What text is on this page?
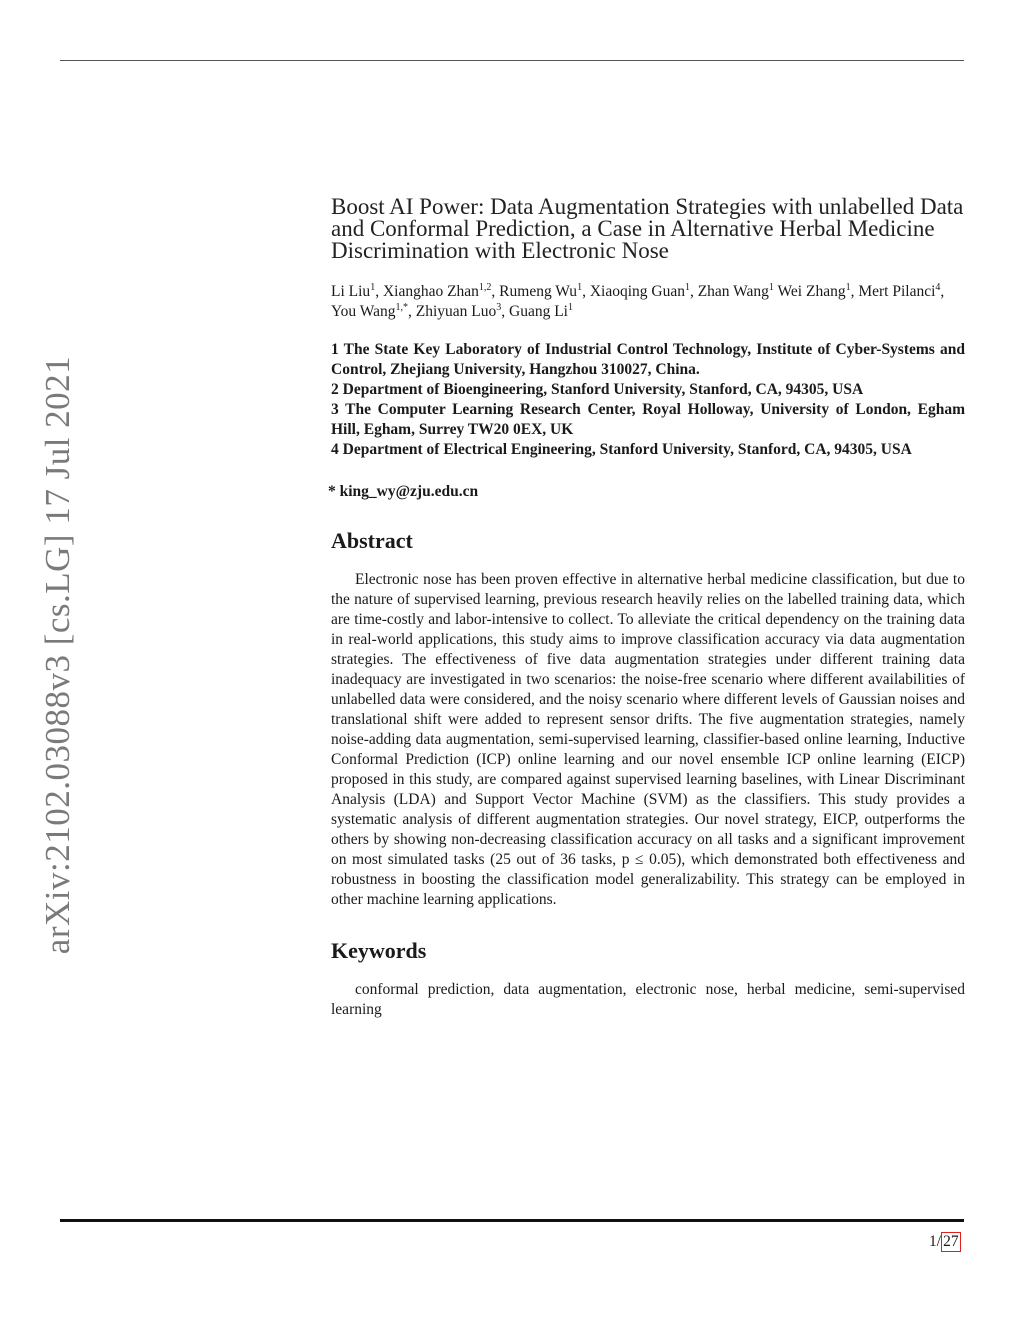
arXiv:2102.03088v3 [cs.LG] 17 Jul 2021
Boost AI Power: Data Augmentation Strategies with unlabelled Data and Conformal Prediction, a Case in Alternative Herbal Medicine Discrimination with Electronic Nose
Li Liu$^1$, Xianghao Zhan$^{1,2}$, Rumeng Wu$^1$, Xiaoqing Guan$^1$, Zhan Wang$^1$ Wei Zhang$^1$, Mert Pilanci$^4$, You Wang$^{1,*}$, Zhiyuan Luo$^3$, Guang Li$^1$
1 The State Key Laboratory of Industrial Control Technology, Institute of Cyber-Systems and Control, Zhejiang University, Hangzhou 310027, China.
2 Department of Bioengineering, Stanford University, Stanford, CA, 94305, USA
3 The Computer Learning Research Center, Royal Holloway, University of London, Egham Hill, Egham, Surrey TW20 0EX, UK
4 Department of Electrical Engineering, Stanford University, Stanford, CA, 94305, USA
* king_wy@zju.edu.cn
Abstract

Electronic nose has been proven effective in alternative herbal medicine classification, but due to the nature of supervised learning, previous research heavily relies on the labelled training data, which are time-costly and labor-intensive to collect. To alleviate the critical dependency on the training data in real-world applications, this study aims to improve classification accuracy via data augmentation strategies. The effectiveness of five data augmentation strategies under different training data inadequacy are investigated in two scenarios: the noise-free scenario where different availabilities of unlabelled data were considered, and the noisy scenario where different levels of Gaussian noises and translational shift were added to represent sensor drifts. The five augmentation strategies, namely noise-adding data augmentation, semi-supervised learning, classifier-based online learning, Inductive Conformal Prediction (ICP) online learning and our novel ensemble ICP online learning (EICP) proposed in this study, are compared against supervised learning baselines, with Linear Discriminant Analysis (LDA) and Support Vector Machine (SVM) as the classifiers. This study provides a systematic analysis of different augmentation strategies. Our novel strategy, EICP, outperforms the others by showing non-decreasing classification accuracy on all tasks and a significant improvement on most simulated tasks (25 out of 36 tasks, p ≤ 0.05), which demonstrated both effectiveness and robustness in boosting the classification model generalizability. This strategy can be employed in other machine learning applications.

Keywords

conformal prediction, data augmentation, electronic nose, herbal medicine, semi-supervised learning

1/ 27
